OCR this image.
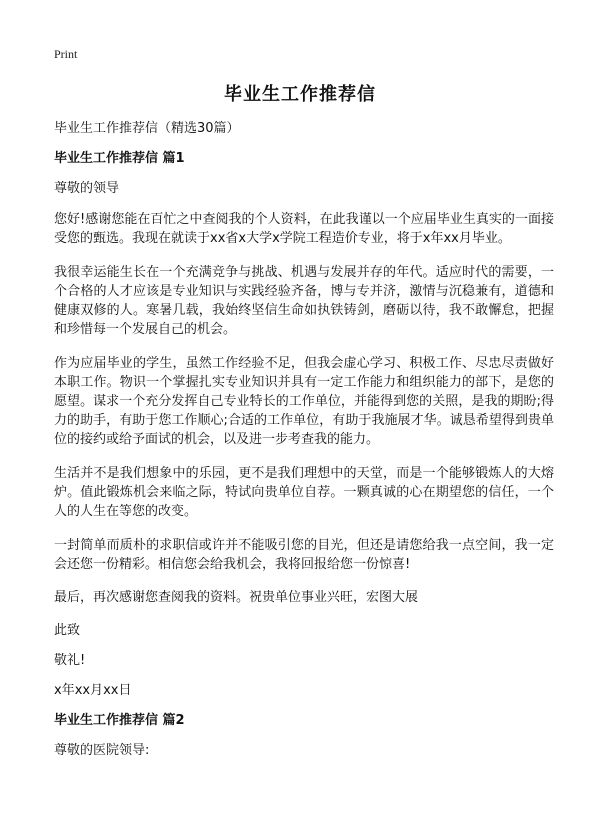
Print
毕业生工作推荐信

毕业生工作推荐信（精选30篇）

毕业生工作推荐信 篇1

尊敬的领导

您好!感谢您能在百忙之中查阅我的个人资料，在此我谨以一个应届毕业生真实的一面接受您的甄选。我现在就读于xx省x大学x学院工程造价专业，将于x年xx月毕业。

我很幸运能生长在一个充满竞争与挑战、机遇与发展并存的年代。适应时代的需要，一个合格的人才应该是专业知识与实践经验齐备，博与专并济，激情与沉稳兼有，道德和健康双修的人。寒暑几载，我始终坚信生命如执铁铸剑，磨砺以待，我不敢懈怠，把握和珍惜每一个发展自己的机会。

作为应届毕业的学生，虽然工作经验不足，但我会虚心学习、积极工作、尽忠尽责做好本职工作。物识一个掌握扎实专业知识并具有一定工作能力和组织能力的部下，是您的愿望。谋求一个充分发挥自己专业特长的工作单位，并能得到您的关照，是我的期盼;得力的助手，有助于您工作顺心;合适的工作单位，有助于我施展才华。诚恳希望得到贵单位的接约或给予面试的机会，以及进一步考查我的能力。

生活并不是我们想象中的乐园，更不是我们理想中的天堂，而是一个能够锻炼人的大熔炉。值此锻炼机会来临之际，特试向贵单位自荐。一颗真诚的心在期望您的信任，一个人的人生在等您的改变。

一封简单而质朴的求职信或许并不能吸引您的目光，但还是请您给我一点空间，我一定会还您一份精彩。相信您会给我机会，我将回报给您一份惊喜!

最后，再次感谢您查阅我的资料。祝贵单位事业兴旺，宏图大展

此致

敬礼!

x年xx月xx日

毕业生工作推荐信 篇2

尊敬的医院领导:
